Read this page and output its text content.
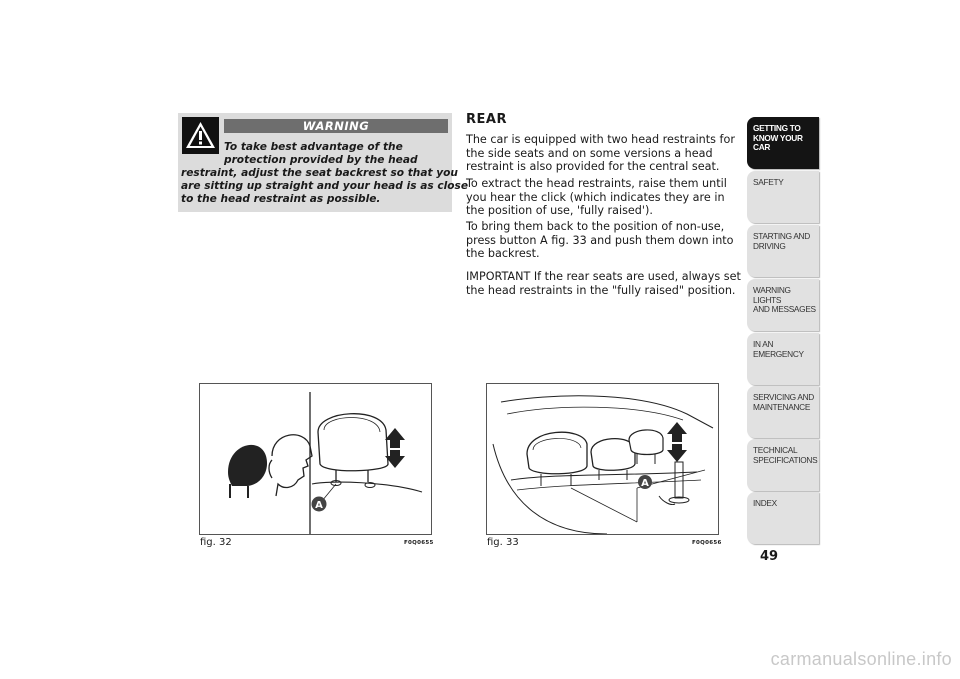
WARNING
To take best advantage of the
protection provided by the head
restraint, adjust the seat backrest so that you
are sitting up straight and your head is as close
to the head restraint as possible.
REAR
The car is equipped with two head restraints for the side seats and on some versions a head restraint is also provided for the central seat.
To extract the head restraints, raise them until you hear the click (which indicates they are in the position of use, 'fully raised').
To bring them back to the position of non-use, press button A fig. 33 and push them down into the backrest.
IMPORTANT If the rear seats are used, always set the head restraints in the "fully raised" position.
A
fig. 32	F0Q0655
A
fig. 33	F0Q0656
GETTING TO
KNOW YOUR CAR
SAFETY
STARTING AND
DRIVING
WARNING LIGHTS
AND MESSAGES
IN AN EMERGENCY
SERVICING AND
MAINTENANCE
TECHNICAL
SPECIFICATIONS
INDEX
49
carmanualsonline.info
